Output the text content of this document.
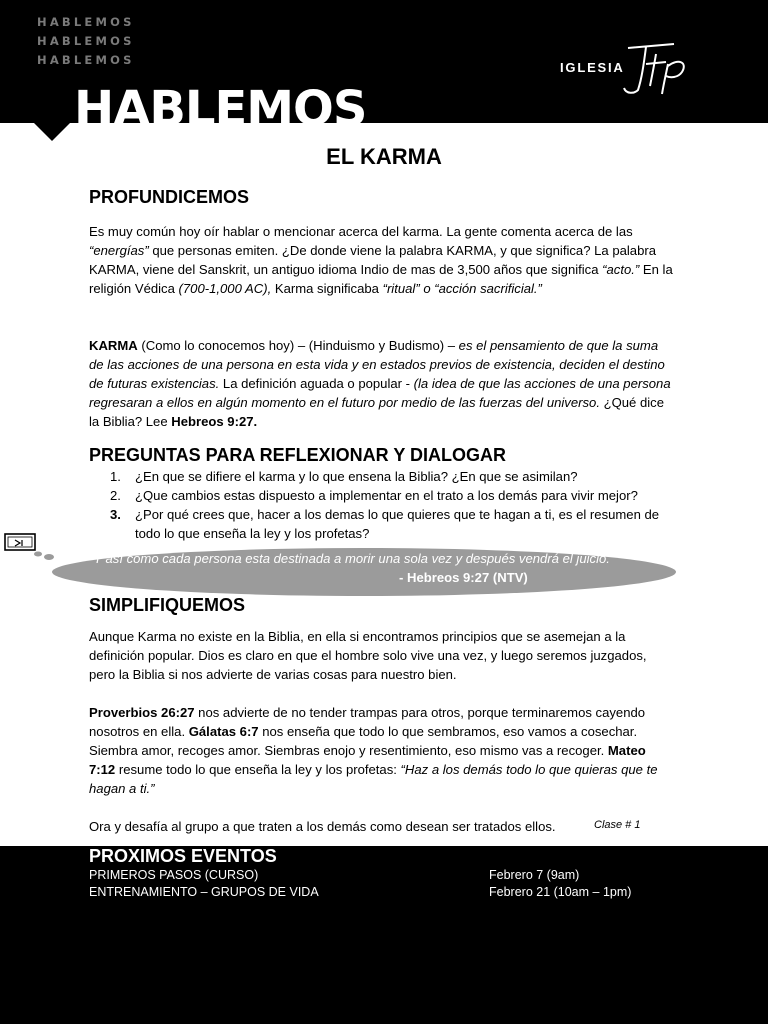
HABLEMOS
HABLEMOS
HABLEMOS
HABLEMOS
IGLESIA
EL KARMA
PROFUNDICEMOS

Es muy común hoy oír hablar o mencionar acerca del karma. La gente comenta acerca de las “energías” que personas emiten. ¿De donde viene la palabra KARMA, y que significa? La palabra KARMA, viene del Sanskrit, un antiguo idioma Indio de mas de 3,500 años que significa “acto.” En la religión Védica (700-1,000 AC), Karma significaba “ritual” o “acción sacrificial.”

KARMA (Como lo conocemos hoy) – (Hinduismo y Budismo) – es el pensamiento de que la suma de las acciones de una persona en esta vida y en estados previos de existencia, deciden el destino de futuras existencias. La definición aguada o popular - (la idea de que las acciones de una persona regresaran a ellos en algún momento en el futuro por medio de las fuerzas del universo. ¿Qué dice la Biblia? Lee Hebreos 9:27.

PREGUNTAS PARA REFLEXIONAR Y DIALOGAR
1. ¿En que se difiere el karma y lo que ensena la Biblia? ¿En que se asimilan?
2. ¿Que cambios estas dispuesto a implementar en el trato a los demás para vivir mejor?
3. ¿Por qué crees que, hacer a los demas lo que quieres que te hagan a ti, es el resumen de todo lo que enseña la ley y los profetas?
“Y así como cada persona esta destinada a morir una sola vez y después vendrá el juicio.”
- Hebreos 9:27 (NTV)
SIMPLIFIQUEMOS

Aunque Karma no existe en la Biblia, en ella si encontramos principios que se asemejan a la definición popular. Dios es claro en que el hombre solo vive una vez, y luego seremos juzgados, pero la Biblia si nos advierte de varias cosas para nuestro bien.

Proverbios 26:27 nos advierte de no tender trampas para otros, porque terminaremos cayendo nosotros en ella. Gálatas 6:7 nos enseña que todo lo que sembramos, eso vamos a cosechar. Siembra amor, recoges amor. Siembras enojo y resentimiento, eso mismo vas a recoger. Mateo 7:12 resume todo lo que enseña la ley y los profetas: “Haz a los demás todo lo que quieras que te hagan a ti.”

Ora y desafía al grupo a que traten a los demás como desean ser tratados ellos.	Clase # 1
PROXIMOS EVENTOS
PRIMEROS PASOS (CURSO)	Febrero 7 (9am)
ENTRENAMIENTO – GRUPOS DE VIDA	Febrero 21 (10am – 1pm)
